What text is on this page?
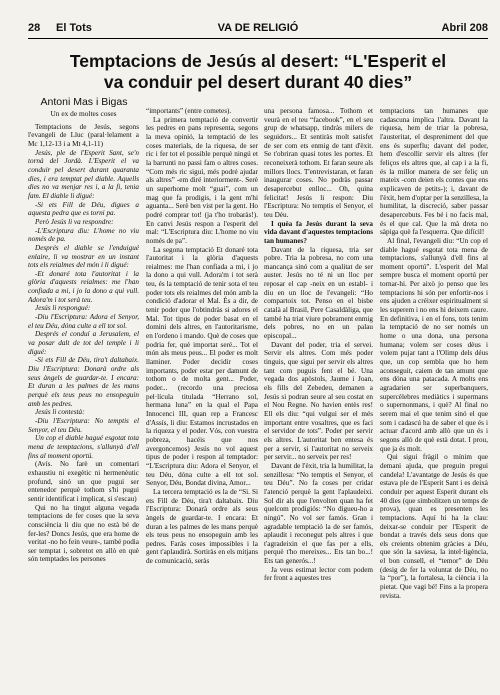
28 El Tots	VA DE RELIGIÓ	Abril 208
Temptacions de Jesús al desert: “L'Esperit el
va conduir pel desert durant 40 dies”
Antoni Mas i Bigas

Un ex de moltes coses

Temptacions de Jesús, segons l'evangeli de Lluc (paral·lelament a Mc 1,12-13 i a Mt 4,1-11)

Jesús, ple de l'Esperit Sant, se'n tornà del Jordà. L'Esperit el va conduir pel desert durant quaranta dies, i era temptat pel diable. Aquells dies no va menjar res i, a la fi, tenia fam. El diable li digué:

-Si ets Fill de Déu, digues a aquesta pedra que es torni pa.

Però Jesús li va respondre:

-L'Escriptura diu: L'home no viu només de pa.

Després el diable se l'enduigué enlaire, li va mostrar en un instant tots els reialmes del món i li digué:

-Et donaré tota l'autoritat i la glòria d'aquests reialmes: me l'han confiada a mi, i jo la dono a qui vull. Adora'm i tot serà teu.

Jesús li respongué:

-Diu l'Escriptura: Adora el Senyor, el teu Déu, dóna culte a ell tot sol.

Després el conduí a Jerusalem, el va posar dalt de tot del temple i li digué:

-Si ets Fill de Déu, tira't daltabaix. Diu l'Escriptura: Donarà ordre als seus àngels de guardar-te. I encara: Et duran a les palmes de les mans perquè els teus peus no ensopeguin amb les pedres.

Jesús li contestà:

-Diu l'Escriptura: No temptis el Senyor, el teu Déu.

Un cop el diable hagué esgotat tota mena de temptacions, s'allunyà d'ell fins al moment oportú.

(Avís. No farè un comentari exhaustiu ni exegètic ni hermenèutic profund, sinó un que pugui ser entenedor perquè tothom s'hi pugui sentir identificat i implicat, si s'escau)

Qui no ha tingut alguna vegada temptacions de fer coses que la seva consciència li diu que no està bé de fer-les? Doncs Jesús, que era home de veritat -no ho fein veure-, també podia ser temptat i, sobretot en allò en què són temptades les persones

“importants” (entre cometes).

La primera temptació de convertir les pedres en pans representa, segons la meva opinió, la temptació de les coses materials, de la riquesa, de ser ric i fer tot el possible perquè ningú et la barrunti no passi fam o altres coses. “Com més ric siguí, més podré ajudar als altres” -em diré interiorment-. Serè un superhome molt “guai”, com un mag que fa prodigis, i la gent m'hi aguanta... Serè ben vist per la gent. Ho podré comprar tot! (ja t'ho trobaràs!). En canvi Jesús respon a l'esperit del mal: “L'Escriptura diu: L'home no viu només de pa”.

La segona temptació Et donaré tota l'autoritat i la glòria d'aquests reialmes: me l'han confiada a mi, i jo la dono a qui vull. Adora'm i tot serà teu, és la temptació de tenir sota el teu poder tots els reialmes del món amb la condició d'adorar el Mal. És a dir, de tenir poder que l'obtindràs si adores el Mal. Tot tipus de poder basat en el domini dels altres, en l'autoritarisme, en l'ordeno i mando. Què de coses que podria fer, què importat seré... Tot el món als meus peus... El poder es molt llaminer. Poder decidir coses importants, poder estar per damunt de tothom o de molta gent... Poder, poder... (recordo una preciosa pel·lícula titulada “Herrano sol, hermana luna” en la qual el Papa Innocenci III, quan rep a Francesc d'Assís, li diu: Estamos incrustados en la riqueza y el poder. Vós, con vuestra pobreza, hacéis que nos avergoncemos) Jesús no vol aquest tipus de poder i respon al temptador: “L'Escriptura diu: Adora el Senyor, el teu Déu, dóna culte a ell tot sol. Senyor, Déu, Bondat divina, Amor...

La tercera temptació es la de “Si. Si ets Fill de Déu, tira't daltabaix. Diu l'Escriptura: Donarà ordre als seus àngels de guardar-te. I encara: Et duran a les palmes de les mans perquè els teus peus no ensopeguin amb les pedres. Farás coses impossibles i la gent t'aplaudirà. Sortiràs en els mitjans de comunicació, seràs

una persona famosa... Tothom et veurà en el teu “facebook”, en el seu grup de whatsapp, tindràs milers de seguidors... Et sentiràs molt satisfet de ser com ets enmig de tant d'èxit. Se t'obriran quasi totes les portes. Et reconeixerà tothom. Et faran seure als millors llocs. T'entrevistaran, et faran inaugurar coses. No podràs passar desapercebut enlloc... Oh, quina felicitat! Jesús li respon: Diu l'Escriptura: No temptis el Senyor, el teu Déu.

I quèa fa Jesús durant la seva vida davant d'aquestes temptacions tan humanes?

Davant de la riquesa, tria ser pobre. Tria la pobresa, no com una mancança sinó com a qualitat de ser auster. Jesús no té ni un lloc per reposar el cap -neix en un establ- i diu en un lloc de l'evangeli: “Ho compartoix tot. Penso en el bisbe català al Brasil, Pere Casaldàliga, que també ha triat viure pobrament enmig dels pobres, no en un palau episcopal...

Davant del poder, tria el servei. Servir els altres. Com més poder tinguis, que sigui per servir els altres tant com puguis fent el bé. Una vegada dos apòstols, Jaume i Joan, els fills del Zebedeu, demanen a Jesús si podran seure al seu costat en el Nou Regne. No havien entès res! Ell els diu: “qui vulgui ser el més important entre vosaltres, que es faci el servidor de tots”. Poder per servir els altres. L'autoritat ben entesa és per a servir, si l'autoritat no serveix per servir... no serveix per res!

Davant de l'èxit, tria la humilitat, la senzillesa: “No temptis el Senyor, el teu Déu”. No fa coses per cridar l'atenció perquè la gent l'aplaudeixi. Sol dir als que l'envolten quan ha fet quelcom prodigiós: “No digueu-ho a ningú”. No vol ser famós. Gran i agradable temptació la de ser famós, aplaudit i reconegut pels altres i que t'agradeixin el que fas per a ells, perquè t'ho mereixes... Ets tan bo...! Ets tan generós...!

Ja veus estimat lector com podem fer front a aquestes tres

temptacions tan humanes que cadascuna implica l'altra. Davant la riquesa, hem de triar la pobresa, l'austeritat, el despreniment del que ens és superflu; davant del poder, hem d'escollir servir els altres (fer feliços els altres que, al cap i a la fi, és la millor manera de ser feliç un mateix -com deien els contes que ens explicaven de petits-); i, davant de l'èxit, hem d'optar per la senzillesa, la humilitat, la discreció, saber passar desapercebuts. Fes bé i no facis mal, és el que cal. Que la mà dreta no sàpiga què fa l'esquerra. Que difícil!

Al final, l'evangeli diu: “Un cop el diable hagué esgotat tota mena de temptacions, s'allunyà d'ell fins al moment oportú”. L'esperit del Mal sempre busca el moment oportú per tornar-hi. Per això jo penso que les temptacions hi són per enfortir-nos i ens ajuden a créixer espiritualment si les superem i no ens hi deixem caure. En definitiva, i en el fons, tots tenim la temptació de no ser només un home o una dona, una persona humana; volem ser coses dèus i volem pujar tant a l'Olimp dels déus que, un cop sembla que ho hem aconseguit, caiem de tan amunt que ens dóna una patacada. A molts ens agradarien ser superbanquers, supercèlebres mediàtics i supermans o supernonmans, i què? Al final no serem mai el que tenim sinó el que som i cadascú ha de saber el que és i actuar d'acord amb allò que un és i segons allò de què està dotat. I prou, que ja és molt.

Qui sigui fràgil o mínim que demani ajuda, que preguin pregui candela! L'avantatge de Jesús és que estava ple de l'Esperit Sant i es deixà conduir per aquest Esperit durant els 40 dies (que simbolitzen un temps de prova), quan es presenten les temptacions. Aquí hi ha la clau: deixar-se conduir per l'Esperit de bondat a través dels seus dons que els creients obtenim gràcies a Déu, que són la saviesa, la intel·ligència, el bon consell, el “temor” de Déu (desig de fer la voluntat de Déu, no la “por”), la fortalesa, la ciència i la pietat. Que vagi bé! Fins a la propera revista.
